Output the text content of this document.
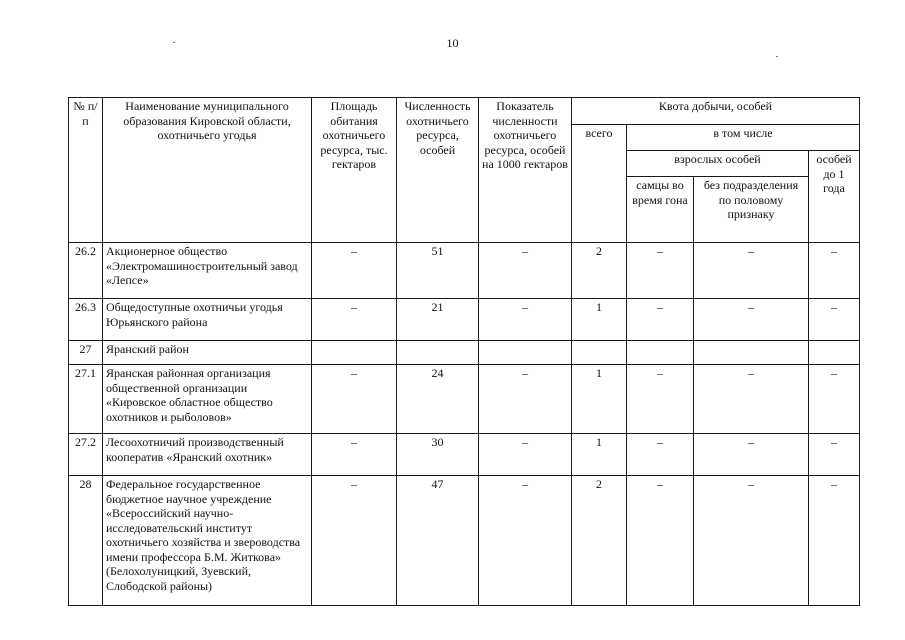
10
№ п/п	Наименование муниципального образования Кировской области, охотничьего угодья	Площадь обитания охотничьего ресурса, тыс. гектаров	Численность охотничьего ресурса, особей	Показатель численности охотничьего ресурса, особей на 1000 гектаров	Квота добычи, особей			
					всего	в том числе		
						взрослых особей		особей до 1 года
						самцы во время гона	без подразделения по половому признаку	
26.2	Акционерное общество «Электромашиностроительный завод «Лепсе»	–	51	–	2	–	–	–
26.3	Общедоступные охотничьи угодья Юрьянского района	–	21	–	1	–	–	–
27	Яранский район							
27.1	Яранская районная организация общественной организации «Кировское областное общество охотников и рыболовов»	–	24	–	1	–	–	–
27.2	Лесоохотничий производственный кооператив «Яранский охотник»	–	30	–	1	–	–	–
28	Федеральное государственное бюджетное научное учреждение «Всероссийский научно-исследовательский институт охотничьего хозяйства и звероводства имени профессора Б.М. Житкова» (Белохолуницкий, Зуевский, Слободской районы)	–	47	–	2	–	–	–
